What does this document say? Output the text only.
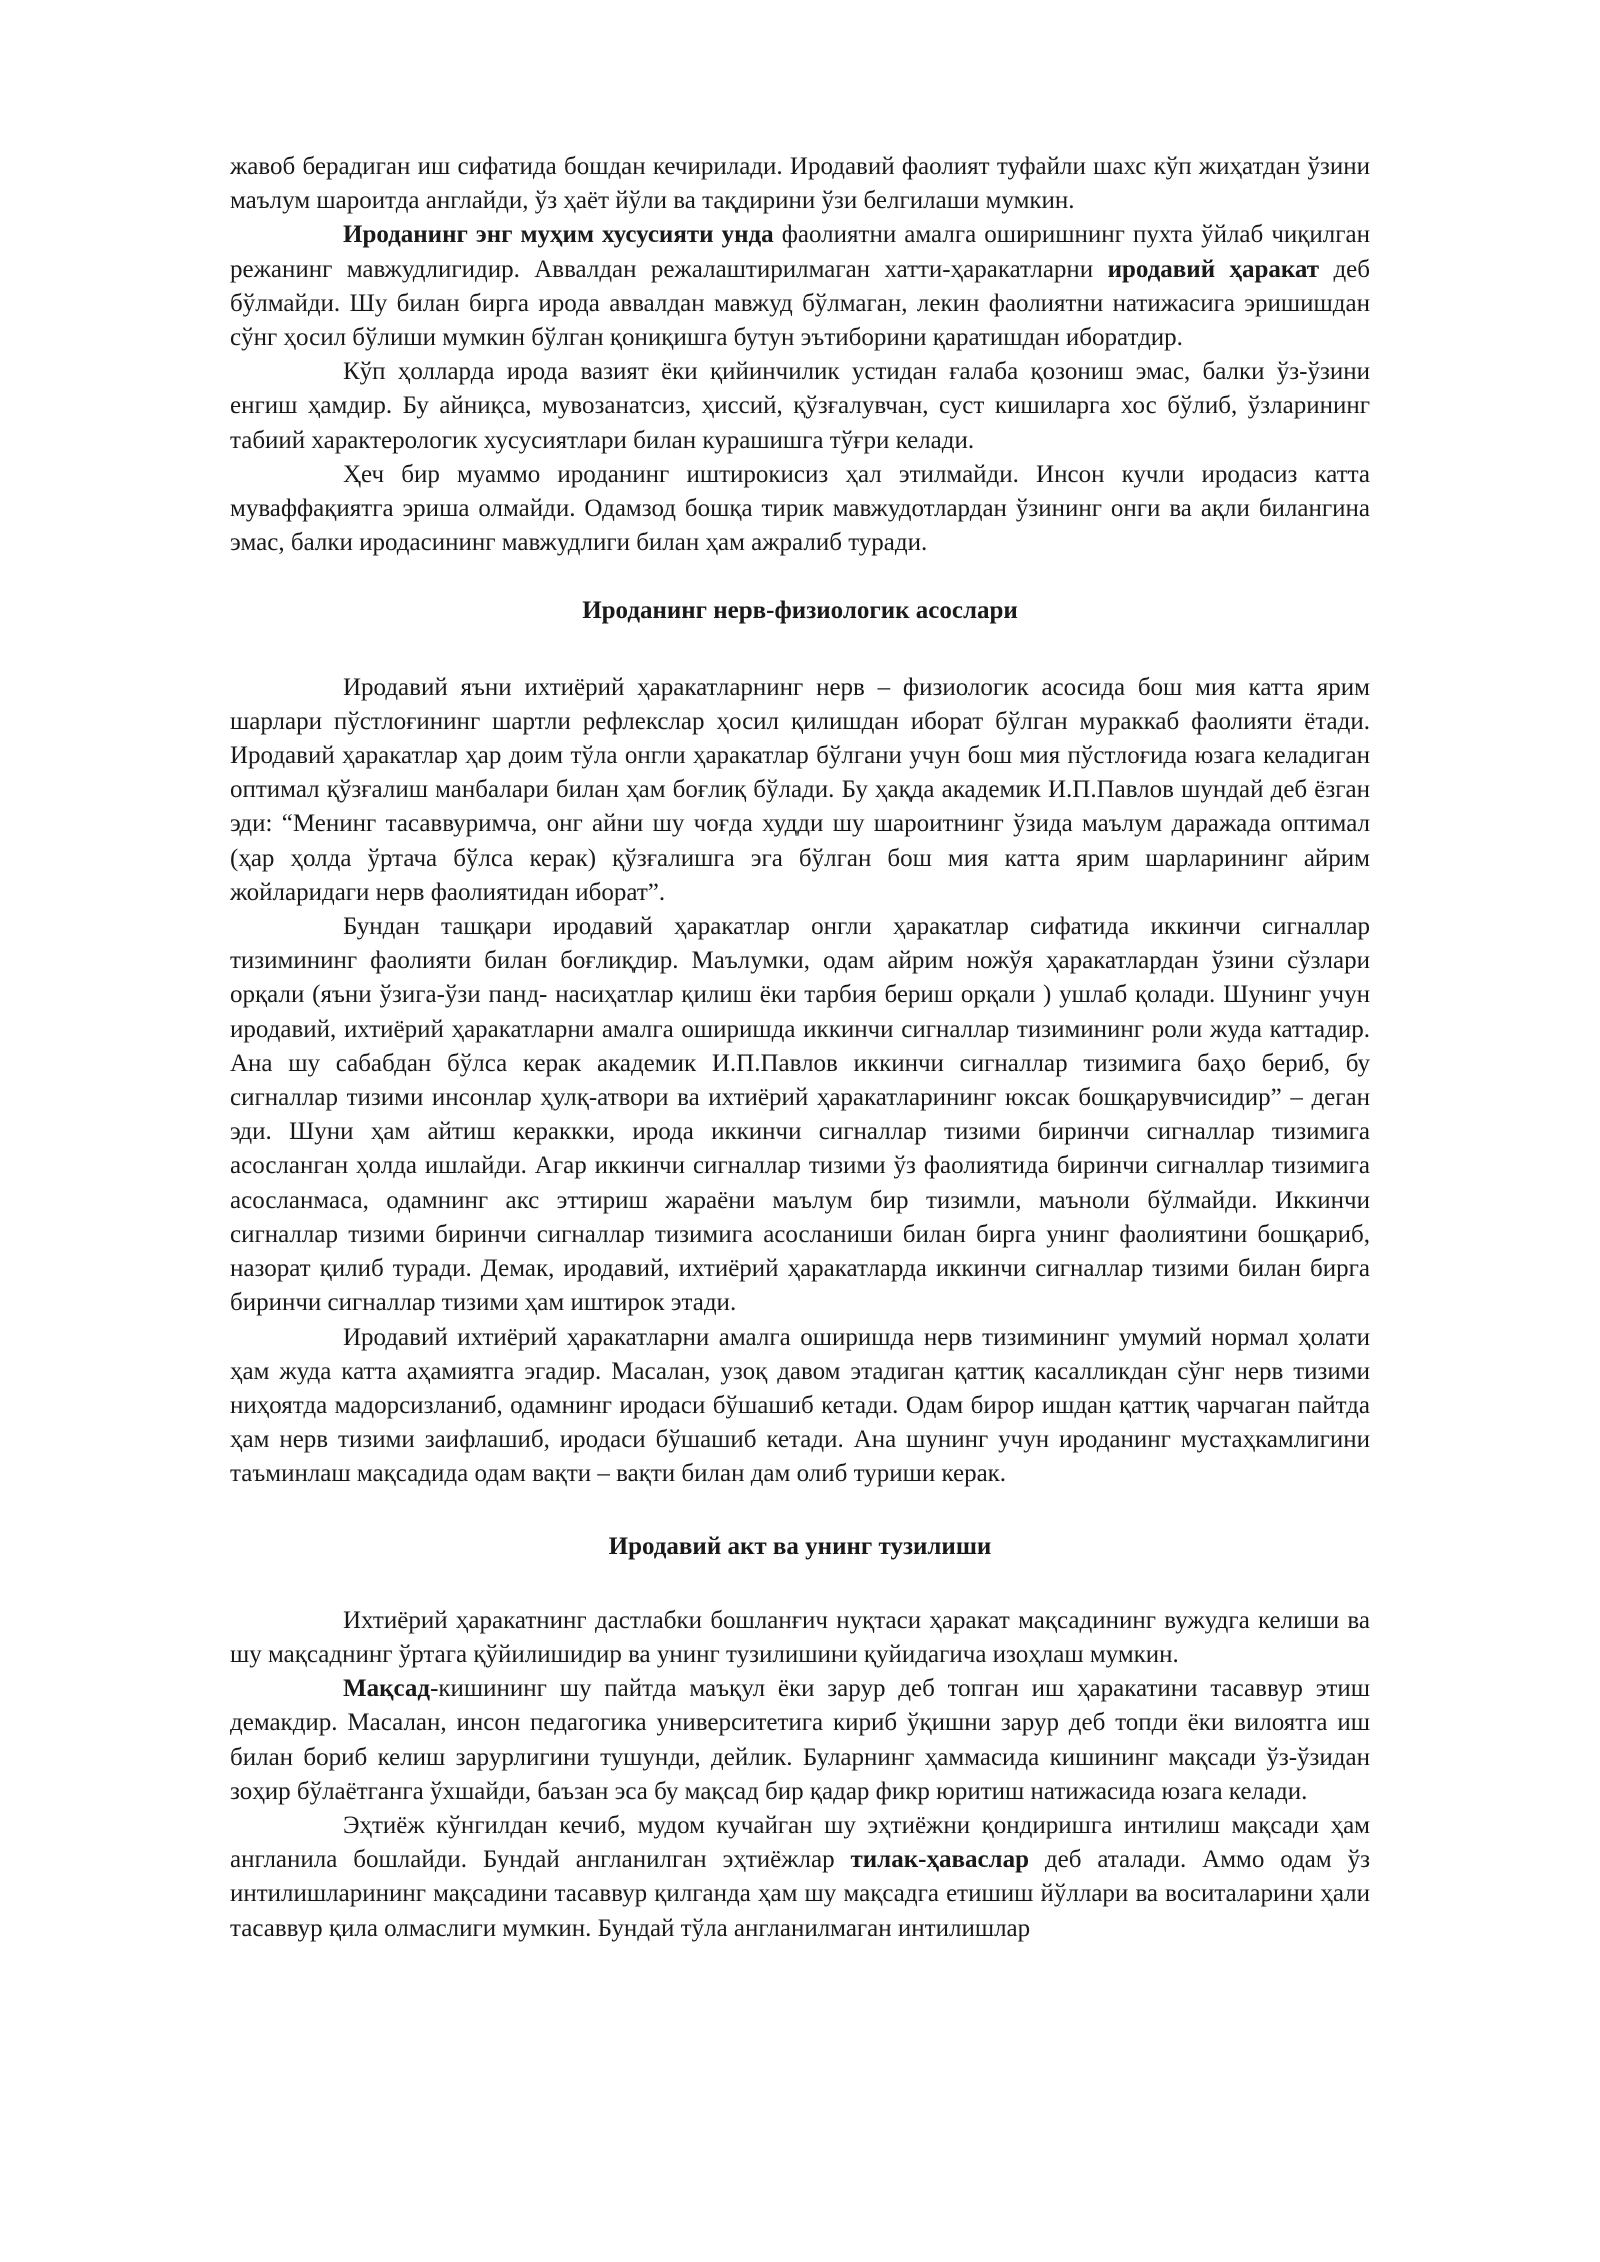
жавоб берадиган иш сифатида бошдан кечирилади. Иродавий фаолият туфайли шахс кўп жиҳатдан ўзини маълум шароитда англайди, ўз ҳаёт йўли ва тақдирини ўзи белгилаши мумкин.

Ироданинг энг муҳим хусусияти унда фаолиятни амалга оширишнинг пухта ўйлаб чиқилган режанинг мавжудлигидир. Аввалдан режалаштирилмаган хатти-ҳаракатларни иродавий ҳаракат деб бўлмайди. Шу билан бирга ирода аввалдан мавжуд бўлмаган, лекин фаолиятни натижасига эришишдан сўнг ҳосил бўлиши мумкин бўлган қониқишга бутун эътиборини қаратишдан иборатдир.

Кўп ҳолларда ирода вазият ёки қийинчилик устидан ғалаба қозониш эмас, балки ўз-ўзини енгиш ҳамдир. Бу айниқса, мувозанатсиз, ҳиссий, қўзғалувчан, суст кишиларга хос бўлиб, ўзларининг табиий характерологик хусусиятлари билан курашишга тўғри келади.

Ҳеч бир муаммо ироданинг иштирокисиз ҳал этилмайди. Инсон кучли иродасиз катта муваффақиятга эриша олмайди. Одамзод бошқа тирик мавжудотлардан ўзининг онги ва ақли билангина эмас, балки иродасининг мавжудлиги билан ҳам ажралиб туради.

Ироданинг нерв-физиологик асослари

Иродавий яъни ихтиёрий ҳаракатларнинг нерв – физиологик асосида бош мия катта ярим шарлари пўстлоғининг шартли рефлекслар ҳосил қилишдан иборат бўлган мураккаб фаолияти ётади. Иродавий ҳаракатлар ҳар доим тўла онгли ҳаракатлар бўлгани учун бош мия пўстлоғида юзага келадиган оптимал қўзғалиш манбалари билан ҳам боғлиқ бўлади. Бу ҳақда академик И.П.Павлов шундай деб ёзган эди: “Менинг тасаввуримча, онг айни шу чоғда худди шу шароитнинг ўзида маълум даражада оптимал (ҳар ҳолда ўртача бўлса керак) қўзғалишга эга бўлган бош мия катта ярим шарларининг айрим жойларидаги нерв фаолиятидан иборат”.

Бундан ташқари иродавий ҳаракатлар онгли ҳаракатлар сифатида иккинчи сигналлар тизимининг фаолияти билан боғлиқдир. Маълумки, одам айрим ножўя ҳаракатлардан ўзини сўзлари орқали (яъни ўзига-ўзи панд- насиҳатлар қилиш ёки тарбия бериш орқали ) ушлаб қолади. Шунинг учун иродавий, ихтиёрий ҳаракатларни амалга оширишда иккинчи сигналлар тизимининг роли жуда каттадир. Ана шу сабабдан бўлса керак академик И.П.Павлов иккинчи сигналлар тизимига баҳо бериб, бу сигналлар тизими инсонлар ҳулқ-атвори ва ихтиёрий ҳаракатларининг юксак бошқарувчисидир” – деган эди. Шуни ҳам айтиш кераккки, ирода иккинчи сигналлар тизими биринчи сигналлар тизимига асосланган ҳолда ишлайди. Агар иккинчи сигналлар тизими ўз фаолиятида биринчи сигналлар тизимига асосланмаса, одамнинг акс эттириш жараёни маълум бир тизимли, маъноли бўлмайди. Иккинчи сигналлар тизими биринчи сигналлар тизимига асосланиши билан бирга унинг фаолиятини бошқариб, назорат қилиб туради. Демак, иродавий, ихтиёрий ҳаракатларда иккинчи сигналлар тизими билан бирга биринчи сигналлар тизими ҳам иштирок этади.

Иродавий ихтиёрий ҳаракатларни амалга оширишда нерв тизимининг умумий нормал ҳолати ҳам жуда катта аҳамиятга эгадир. Масалан, узоқ давом этадиган қаттиқ касалликдан сўнг нерв тизими ниҳоятда мадорсизланиб, одамнинг иродаси бўшашиб кетади. Одам бирор ишдан қаттиқ чарчаган пайтда ҳам нерв тизими заифлашиб, иродаси бўшашиб кетади. Ана шунинг учун ироданинг мустаҳкамлигини таъминлаш мақсадида одам вақти – вақти билан дам олиб туриши керак.

Иродавий акт ва унинг тузилиши

Ихтиёрий ҳаракатнинг дастлабки бошланғич нуқтаси ҳаракат мақсадининг вужудга келиши ва шу мақсаднинг ўртага қўйилишидир ва унинг тузилишини қуйидагича изоҳлаш мумкин.

Мақсад-кишининг шу пайтда маъқул ёки зарур деб топган иш ҳаракатини тасаввур этиш демакдир. Масалан, инсон педагогика университетига кириб ўқишни зарур деб топди ёки вилоятга иш билан бориб келиш зарурлигини тушунди, дейлик. Буларнинг ҳаммасида кишининг мақсади ўз-ўзидан зоҳир бўлаётганга ўхшайди, баъзан эса бу мақсад бир қадар фикр юритиш натижасида юзага келади.

Эҳтиёж кўнгилдан кечиб, мудом кучайган шу эҳтиёжни қондиришга интилиш мақсади ҳам англанила бошлайди. Бундай англанилган эҳтиёжлар тилак-ҳаваслар деб аталади. Аммо одам ўз интилишларининг мақсадини тасаввур қилганда ҳам шу мақсадга етишиш йўллари ва воситаларини ҳали тасаввур қила олмаслиги мумкин. Бундай тўла англанилмаган интилишлар
